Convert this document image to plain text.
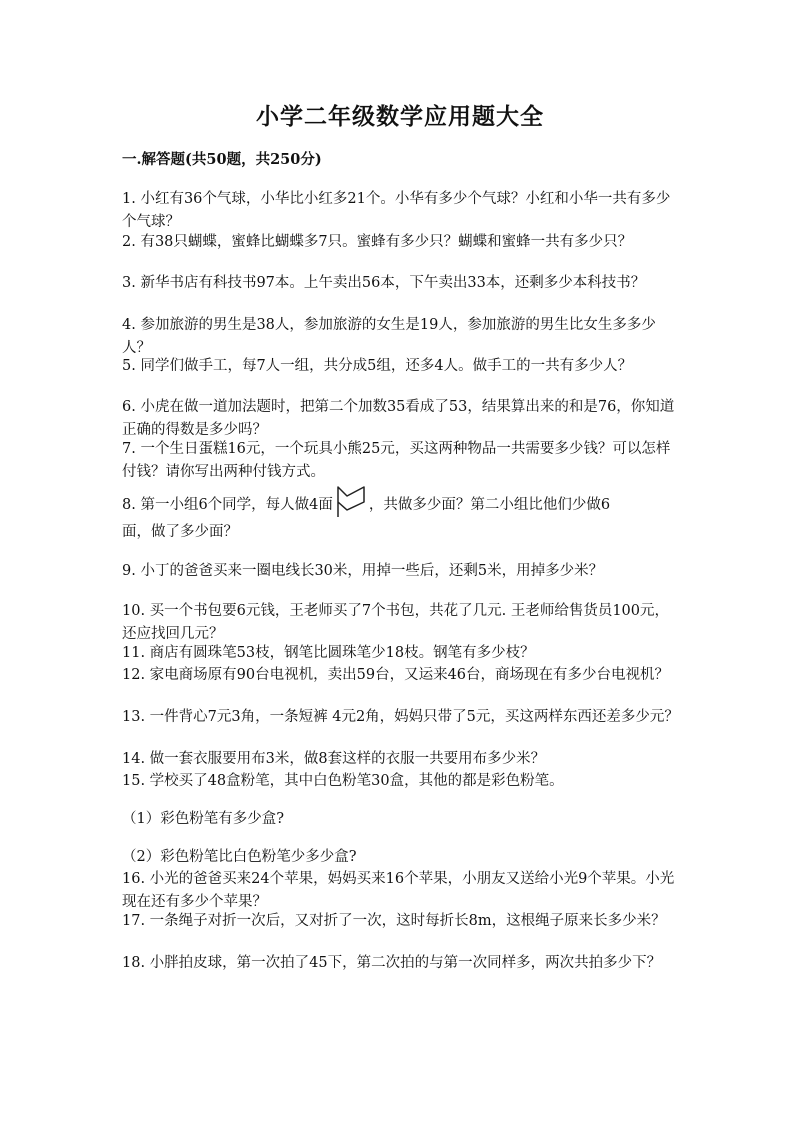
小学二年级数学应用题大全
一.解答题(共50题，共250分)
1. 小红有36个气球，小华比小红多21个。小华有多少个气球？小红和小华一共有多少个气球？
2. 有38只蝴蝶，蜜蜂比蝴蝶多7只。蜜蜂有多少只？蝴蝶和蜜蜂一共有多少只？
3. 新华书店有科技书97本。上午卖出56本，下午卖出33本，还剩多少本科技书？
4. 参加旅游的男生是38人，参加旅游的女生是19人，参加旅游的男生比女生多多少人？
5. 同学们做手工，每7人一组，共分成5组，还多4人。做手工的一共有多少人？
6. 小虎在做一道加法题时，把第二个加数35看成了53，结果算出来的和是76，你知道正确的得数是多少吗？
7. 一个生日蛋糕16元，一个玩具小熊25元，买这两种物品一共需要多少钱？可以怎样付钱？请你写出两种付钱方式。
8. 第一小组6个同学，每人做4面 ，共做多少面？第二小组比他们少做6
面，做了多少面？
9. 小丁的爸爸买来一圈电线长30米，用掉一些后，还剩5米，用掉多少米？
10. 买一个书包要6元钱，王老师买了7个书包，共花了几元. 王老师给售货员100元，还应找回几元？
11. 商店有圆珠笔53枝，钢笔比圆珠笔少18枝。钢笔有多少枝？
12. 家电商场原有90台电视机，卖出59台，又运来46台，商场现在有多少台电视机？
13. 一件背心7元3角，一条短裤 4元2角，妈妈只带了5元，买这两样东西还差多少元？
14. 做一套衣服要用布3米，做8套这样的衣服一共要用布多少米？
15. 学校买了48盒粉笔，其中白色粉笔30盒，其他的都是彩色粉笔。
（1）彩色粉笔有多少盒?
（2）彩色粉笔比白色粉笔少多少盒?
16. 小光的爸爸买来24个苹果，妈妈买来16个苹果，小朋友又送给小光9个苹果。小光现在还有多少个苹果？
17. 一条绳子对折一次后，又对折了一次，这时每折长8m，这根绳子原来长多少米？
18. 小胖拍皮球，第一次拍了45下，第二次拍的与第一次同样多，两次共拍多少下？
